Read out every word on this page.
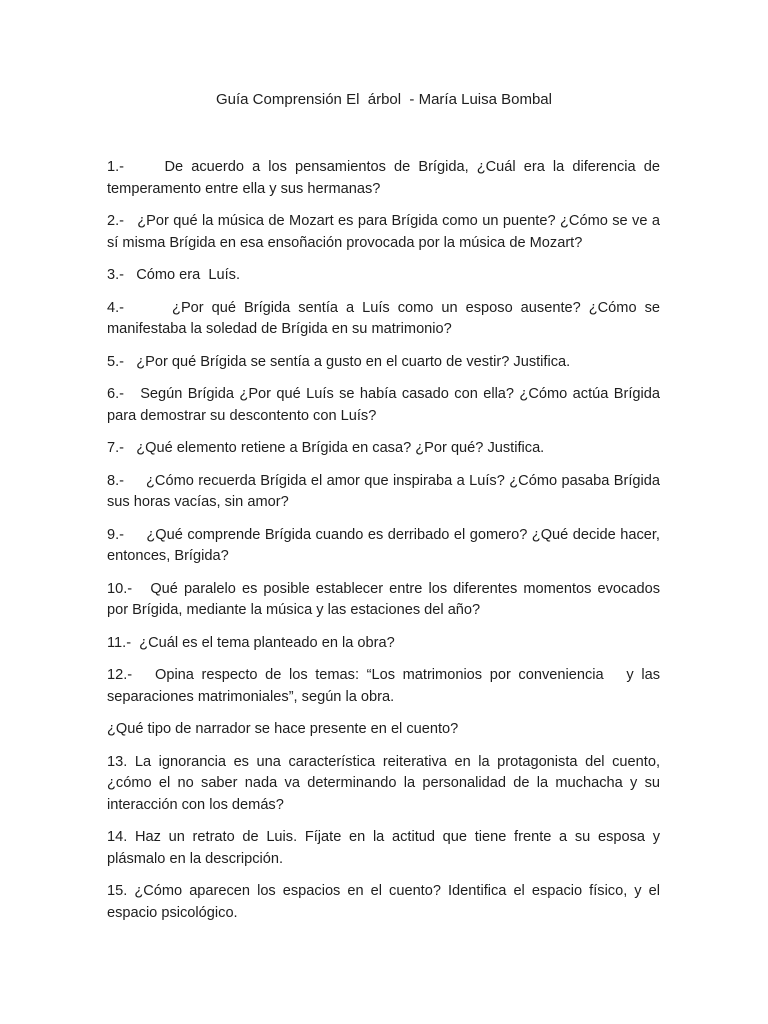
Guía Comprensión El  árbol  - María Luisa Bombal

1.-     De acuerdo a los pensamientos de Brígida, ¿Cuál era la diferencia de temperamento entre ella y sus hermanas?

2.-   ¿Por qué la música de Mozart es para Brígida como un puente? ¿Cómo se ve a sí misma Brígida en esa ensoñación provocada por la música de Mozart?

3.-   Cómo era  Luís.

4.-      ¿Por qué Brígida sentía a Luís como un esposo ausente? ¿Cómo se manifestaba la soledad de Brígida en su matrimonio?

5.-   ¿Por qué Brígida se sentía a gusto en el cuarto de vestir? Justifica.

6.-   Según Brígida ¿Por qué Luís se había casado con ella? ¿Cómo actúa Brígida para demostrar su descontento con Luís?

7.-   ¿Qué elemento retiene a Brígida en casa? ¿Por qué? Justifica.

8.-     ¿Cómo recuerda Brígida el amor que inspiraba a Luís? ¿Cómo pasaba Brígida sus horas vacías, sin amor?

9.-     ¿Qué comprende Brígida cuando es derribado el gomero? ¿Qué decide hacer, entonces, Brígida?

10.-   Qué paralelo es posible establecer entre los diferentes momentos evocados por Brígida, mediante la música y las estaciones del año?

11.-  ¿Cuál es el tema planteado en la obra?

12.-   Opina respecto de los temas: “Los matrimonios por conveniencia   y las separaciones matrimoniales”, según la obra.

¿Qué tipo de narrador se hace presente en el cuento?

13. La ignorancia es una característica reiterativa en la protagonista del cuento, ¿cómo el no saber nada va determinando la personalidad de la muchacha y su interacción con los demás?

14. Haz un retrato de Luis. Fíjate en la actitud que tiene frente a su esposa y plásmalo en la descripción.

15. ¿Cómo aparecen los espacios en el cuento? Identifica el espacio físico, y el espacio psicológico.
